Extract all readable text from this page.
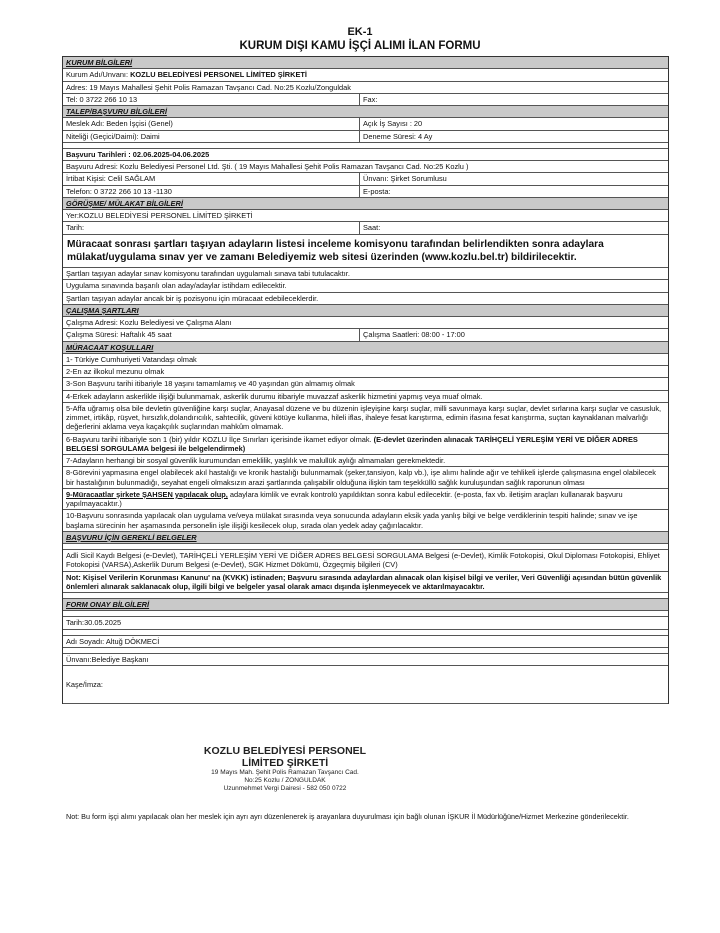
EK-1
KURUM DIŞI KAMU İŞÇİ ALIMI İLAN FORMU
KURUM BİLGİLERİ
Kurum Adı/Unvanı: KOZLU BELEDİYESİ PERSONEL LİMİTED ŞİRKETİ
Adres: 19 Mayıs Mahallesi Şehit Polis Ramazan Tavşancı Cad. No:25 Kozlu/Zonguldak
Tel: 0 3722 266 10 13	Fax:
TALEP/BAŞVURU BİLGİLERİ
Meslek Adı: Beden İşçisi (Genel)	Açık İş Sayısı : 20
Niteliği (Geçici/Daimi): Daimi	Deneme Süresi: 4 Ay
Başvuru Tarihleri : 02.06.2025-04.06.2025
Başvuru Adresi: Kozlu Belediyesi Personel Ltd. Şti. ( 19 Mayıs Mahallesi Şehit Polis Ramazan Tavşancı Cad. No:25 Kozlu )
İrtibat Kişisi: Celil SAĞLAM	Ünvanı: Şirket Sorumlusu
Telefon: 0 3722 266 10 13 -1130	E-posta:
GÖRÜŞME/ MÜLAKAT BİLGİLERİ
Yer:KOZLU BELEDİYESİ PERSONEL LİMİTED ŞİRKETİ
Tarih:	Saat:
Müracaat sonrası şartları taşıyan adayların listesi inceleme komisyonu tarafından belirlendikten sonra adaylara mülakat/uygulama sınav yer ve zamanı Belediyemiz web sitesi üzerinden (www.kozlu.bel.tr) bildirilecektir.
Şartları taşıyan adaylar sınav komisyonu tarafından uygulamalı sınava tabi tutulacaktır.
Uygulama sınavında başarılı olan aday/adaylar istihdam edilecektir.
Şartları taşıyan adaylar ancak bir iş pozisyonu için müracaat edebileceklerdir.
ÇALIŞMA ŞARTLARI
Çalışma Adresi: Kozlu Belediyesi ve Çalışma Alanı
Çalışma Süresi: Haftalık 45 saat	Çalışma Saatleri: 08:00 - 17:00
MÜRACAAT KOŞULLARI
1- Türkiye Cumhuriyeti Vatandaşı olmak
2-En az ilkokul mezunu olmak
3-Son Başvuru tarihi itibariyle 18 yaşını tamamlamış ve 40 yaşından gün almamış olmak
4-Erkek adayların askerlikle ilişiği bulunmamak, askerlik durumu itibariyle muvazzaf askerlik hizmetini yapmış veya muaf olmak.
5-Affa uğramış olsa bile devletin güvenliğine karşı suçlar, Anayasal düzene ve bu düzenin işleyişine karşı suçlar, milli savunmaya karşı suçlar, devlet sırlarına karşı suçlar ve casusluk, zimmet, irtikâp, rüşvet, hırsızlık,dolandırıcılık, sahtecilik, güveni kötüye kullanma, hileli iflas, ihaleye fesat karıştırma, edimin ifasına fesat karıştırma, suçtan kaynaklanan malvarlığı değerlerini aklama veya kaçakçılık suçlarından mahkûm olmamak.
6-Başvuru tarihi itibariyle son 1 (bir) yıldır KOZLU İlçe Sınırları içerisinde ikamet ediyor olmak. (E-devlet üzerinden alınacak TARİHÇELİ YERLEŞİM YERİ VE DİĞER ADRES BELGESİ SORGULAMA belgesi ile belgelendirmek)
7-Adayların herhangi bir sosyal güvenlik kurumundan emeklilik, yaşlılık ve malullük aylığı almamaları gerekmektedir.
8-Görevini yapmasına engel olabilecek akıl hastalığı ve kronik hastalığı bulunmamak (şeker,tansiyon, kalp vb.), işe alımı halinde ağır ve tehlikeli işlerde çalışmasına engel olabilecek bir hastalığının bulunmadığı, seyahat engeli olmaksızın arazi şartlarında çalışabilir olduğuna ilişkin tam teşekküllü sağlık kuruluşundan sağlık raporunun olması
9-Müracaatlar şirkete ŞAHSEN yapılacak olup, adaylara kimlik ve evrak kontrolü yapıldıktan sonra kabul edilecektir. (e-posta, fax vb. iletişim araçları kullanarak başvuru yapılmayacaktır.)
10-Başvuru sonrasında yapılacak olan uygulama ve/veya mülakat sırasında veya sonucunda adayların eksik yada yanlış bilgi ve belge verdiklerinin tespiti halinde; sınav ve işe başlama sürecinin her aşamasında personelin işle ilişiği kesilecek olup, sırada olan yedek aday çağırılacaktır.
BAŞVURU İÇİN GEREKLİ BELGELER
Adli Sicil Kaydı Belgesi (e-Devlet), TARİHÇELİ YERLEŞİM YERİ VE DİĞER ADRES BELGESİ SORGULAMA Belgesi (e-Devlet), Kimlik Fotokopisi, Okul Diploması Fotokopisi, Ehliyet Fotokopisi (VARSA),Askerlik Durum Belgesi (e-Devlet), SGK Hizmet Dökümü, Özgeçmiş bilgileri (CV)
Not: Kişisel Verilerin Korunması Kanunu' na (KVKK) istinaden; Başvuru sırasında adaylardan alınacak olan kişisel bilgi ve veriler, Veri Güvenliği açısından bütün güvenlik önlemleri alınarak saklanacak olup, ilgili bilgi ve belgeler yasal olarak amacı dışında işlenmeyecek ve aktarılmayacaktır.
FORM ONAY BİLGİLERİ
Tarih:30.05.2025
Adı Soyadı: Altuğ DÖKMECİ
Ünvanı:Belediye Başkanı
Kaşe/İmza:
KOZLU BELEDİYESİ PERSONEL
LİMİTED ŞİRKETİ
19 Mayıs Mah. Şehit Polis Ramazan Tavşancı Cad.
No:25 Kozlu / ZONGULDAK
Uzunmehmet Vergi Dairesi - 582 050 0722
Not: Bu form işçi alımı yapılacak olan her meslek için ayrı ayrı düzenlenerek iş arayanlara duyurulması için bağlı olunan İŞKUR İl Müdürlüğüne/Hizmet Merkezine gönderilecektir.
